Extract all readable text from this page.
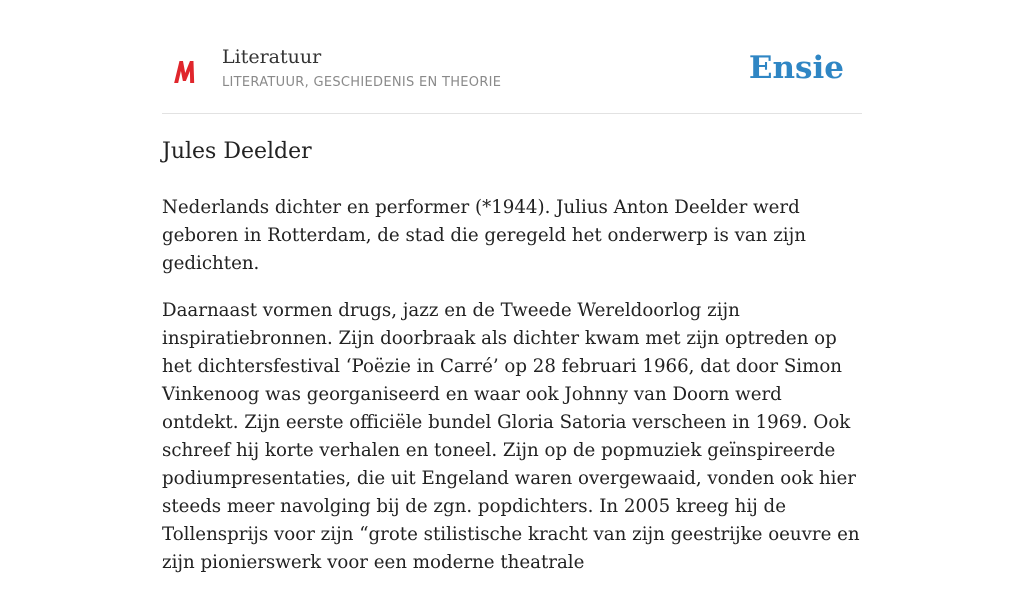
Literatuur
LITERATUUR, GESCHIEDENIS EN THEORIE	Ensie
Jules Deelder

Nederlands dichter en performer (*1944). Julius Anton Deelder werd geboren in Rotterdam, de stad die geregeld het onderwerp is van zijn gedichten.

Daarnaast vormen drugs, jazz en de Tweede Wereldoorlog zijn inspiratiebronnen. Zijn doorbraak als dichter kwam met zijn optreden op het dichtersfestival ‘Poëzie in Carré’ op 28 februari 1966, dat door Simon Vinkenoog was georganiseerd en waar ook Johnny van Doorn werd ontdekt. Zijn eerste officiële bundel Gloria Satoria verscheen in 1969. Ook schreef hij korte verhalen en toneel. Zijn op de popmuziek geïnspireerde podiumpresentaties, die uit Engeland waren overgewaaid, vonden ook hier steeds meer navolging bij de zgn. popdichters. In 2005 kreeg hij de Tollensprijs voor zijn “grote stilistische kracht van zijn geestrijke oeuvre en zijn pionierswerk voor een moderne theatrale
